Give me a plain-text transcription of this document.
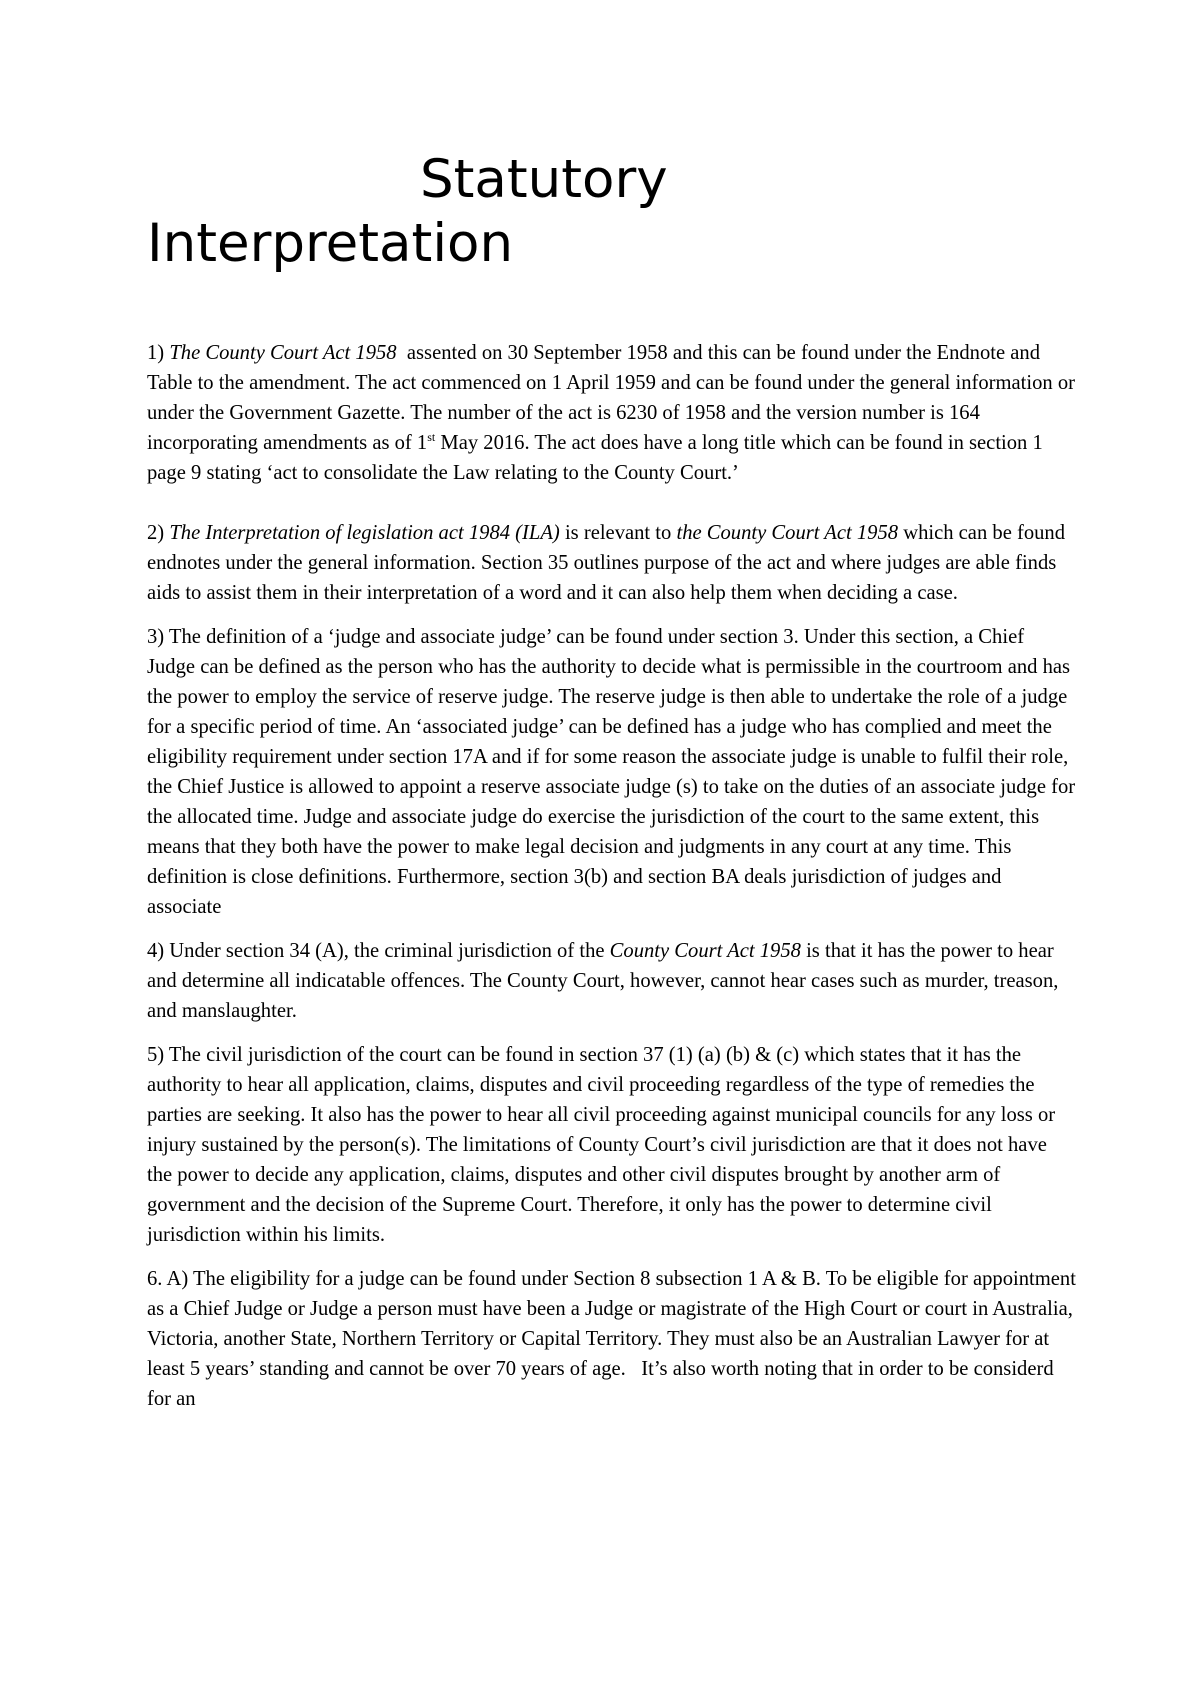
Statutory
Interpretation

1) The County Court Act 1958  assented on 30 September 1958 and this can be found under the Endnote and Table to the amendment. The act commenced on 1 April 1959 and can be found under the general information or under the Government Gazette. The number of the act is 6230 of 1958 and the version number is 164 incorporating amendments as of 1st May 2016. The act does have a long title which can be found in section 1 page 9 stating ‘act to consolidate the Law relating to the County Court.’

2) The Interpretation of legislation act 1984 (ILA) is relevant to the County Court Act 1958 which can be found endnotes under the general information. Section 35 outlines purpose of the act and where judges are able finds aids to assist them in their interpretation of a word and it can also help them when deciding a case.

3) The definition of a ‘judge and associate judge’ can be found under section 3. Under this section, a Chief Judge can be defined as the person who has the authority to decide what is permissible in the courtroom and has the power to employ the service of reserve judge. The reserve judge is then able to undertake the role of a judge for a specific period of time. An ‘associated judge’ can be defined has a judge who has complied and meet the eligibility requirement under section 17A and if for some reason the associate judge is unable to fulfil their role, the Chief Justice is allowed to appoint a reserve associate judge (s) to take on the duties of an associate judge for the allocated time. Judge and associate judge do exercise the jurisdiction of the court to the same extent, this means that they both have the power to make legal decision and judgments in any court at any time. This definition is close definitions. Furthermore, section 3(b) and section BA deals jurisdiction of judges and associate

4) Under section 34 (A), the criminal jurisdiction of the County Court Act 1958 is that it has the power to hear and determine all indicatable offences. The County Court, however, cannot hear cases such as murder, treason, and manslaughter.

5) The civil jurisdiction of the court can be found in section 37 (1) (a) (b) & (c) which states that it has the authority to hear all application, claims, disputes and civil proceeding regardless of the type of remedies the parties are seeking. It also has the power to hear all civil proceeding against municipal councils for any loss or injury sustained by the person(s). The limitations of County Court’s civil jurisdiction are that it does not have the power to decide any application, claims, disputes and other civil disputes brought by another arm of government and the decision of the Supreme Court. Therefore, it only has the power to determine civil jurisdiction within his limits.

6. A) The eligibility for a judge can be found under Section 8 subsection 1 A & B. To be eligible for appointment as a Chief Judge or Judge a person must have been a Judge or magistrate of the High Court or court in Australia, Victoria, another State, Northern Territory or Capital Territory. They must also be an Australian Lawyer for at least 5 years’ standing and cannot be over 70 years of age.   It’s also worth noting that in order to be considerd for an
